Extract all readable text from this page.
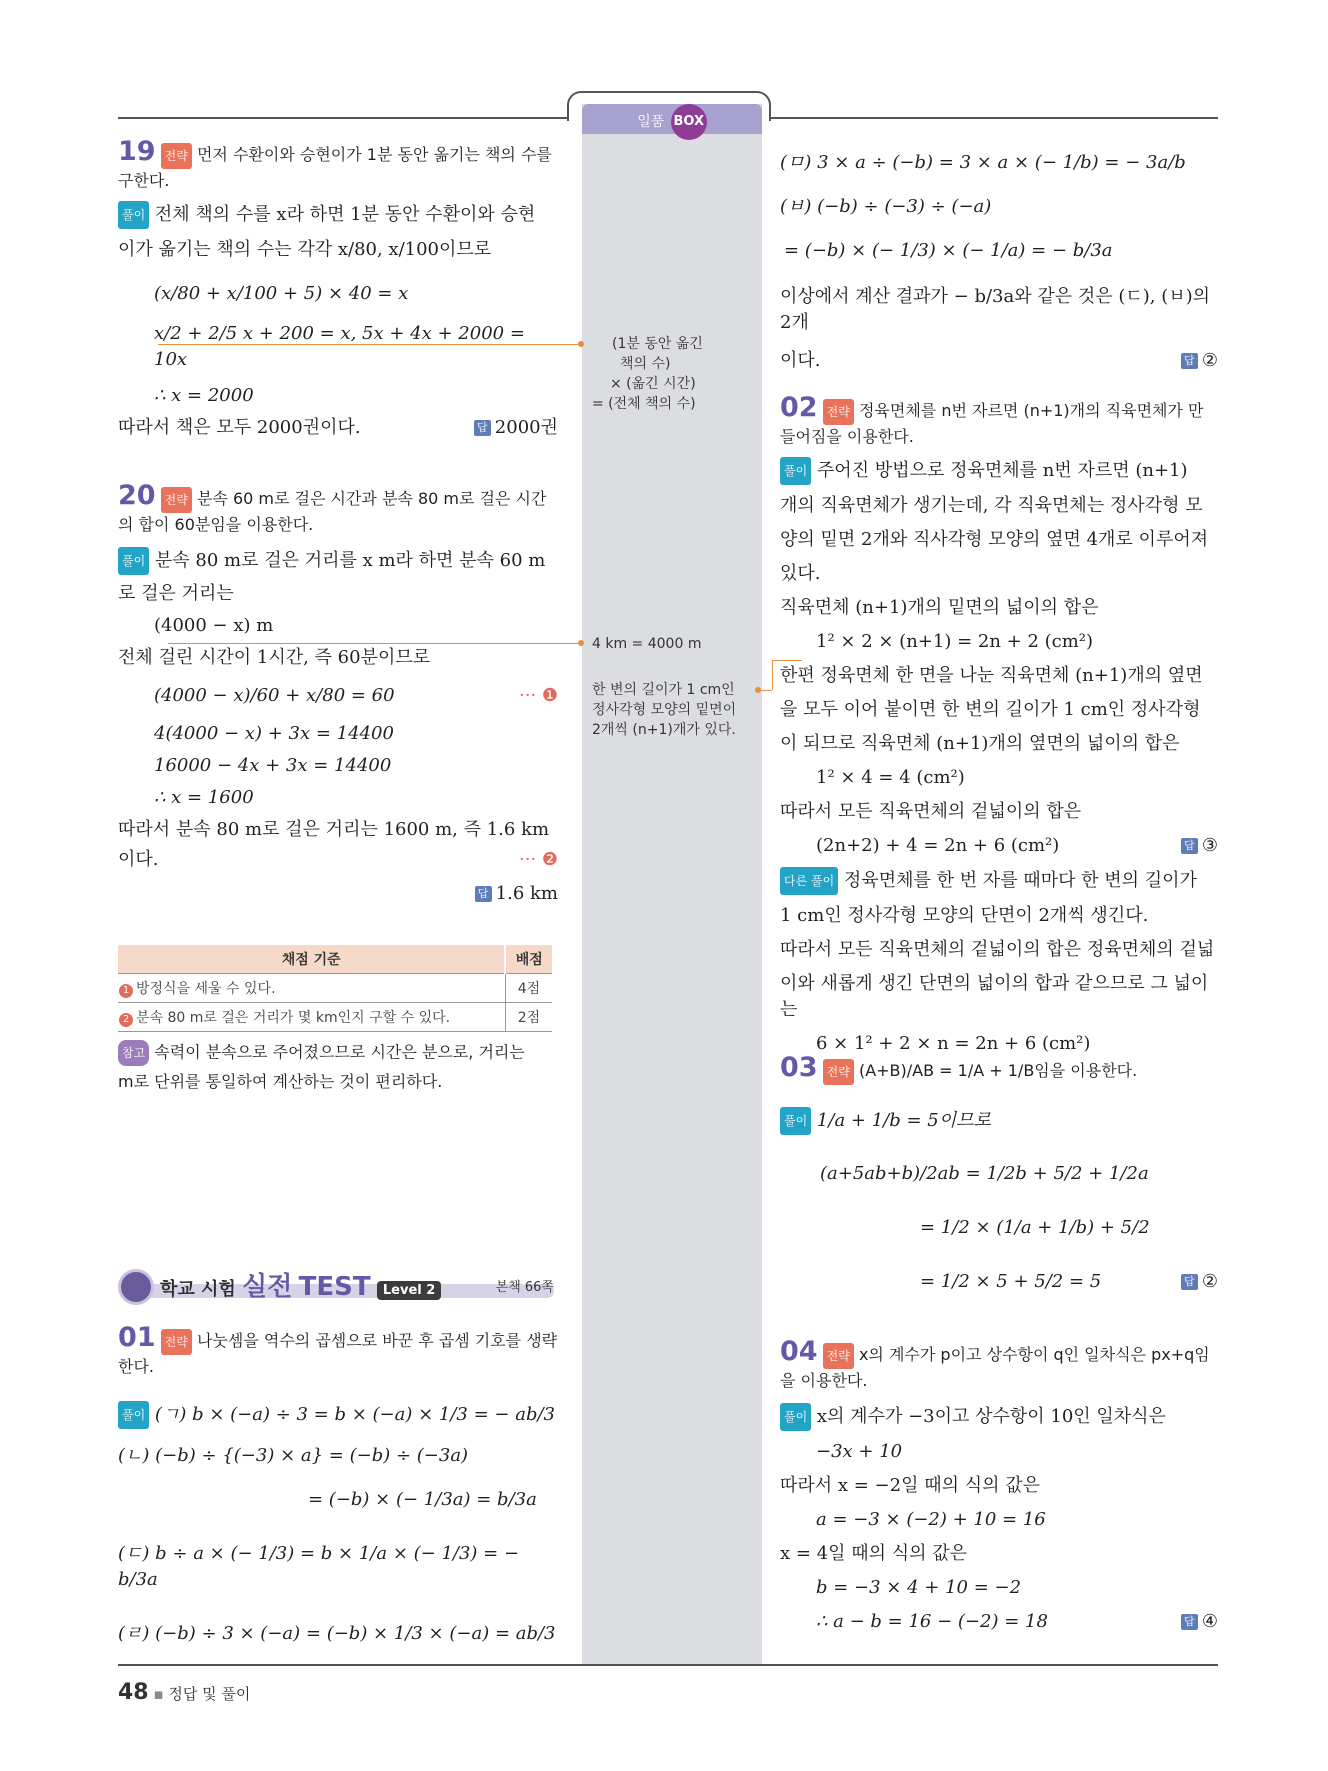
일품 BOX
19 전략 먼저 수환이와 승현이가 1분 동안 옮기는 책의 수를 구한다.
풀이 전체 책의 수를 x라 하면 1분 동안 수환이와 승현
이가 옮기는 책의 수는 각각 x/80, x/100이므로
(x/80 + x/100 + 5) × 40 = x
x/2 + 2/5 x + 200 = x, 5x + 4x + 2000 = 10x
∴ x = 2000
따라서 책은 모두 2000권이다.	답 2000권
20 전략 분속 60 m로 걸은 시간과 분속 80 m로 걸은 시간의 합이 60분임을 이용한다.
풀이 분속 80 m로 걸은 거리를 x m라 하면 분속 60 m
로 걸은 거리는
(4000 − x) m
전체 걸린 시간이 1시간, 즉 60분이므로
(4000 − x)/60 + x/80 = 60	··· ❶
4(4000 − x) + 3x = 14400
16000 − 4x + 3x = 14400
∴ x = 1600
따라서 분속 80 m로 걸은 거리는 1600 m, 즉 1.6 km
이다.	··· ❷
답 1.6 km
채점 기준	배점
1 방정식을 세울 수 있다.	4점
2 분속 80 m로 걸은 거리가 몇 km인지 구할 수 있다.	2점
참고 속력이 분속으로 주어졌으므로 시간은 분으로, 거리는
m로 단위를 통일하여 계산하는 것이 편리하다.
학교 시험 실전 TEST Level 2	본책 66쪽
01 전략 나눗셈을 역수의 곱셈으로 바꾼 후 곱셈 기호를 생략한다.
풀이 (ㄱ) b × (−a) ÷ 3 = b × (−a) × 1/3 = − ab/3
(ㄴ) (−b) ÷ {(−3) × a} = (−b) ÷ (−3a)
= (−b) × (− 1/3a) = b/3a
(ㄷ) b ÷ a × (− 1/3) = b × 1/a × (− 1/3) = − b/3a
(ㄹ) (−b) ÷ 3 × (−a) = (−b) × 1/3 × (−a) = ab/3
(1분 동안 옮긴
책의 수)
× (옮긴 시간)
= (전체 책의 수)
4 km = 4000 m
한 변의 길이가 1 cm인
정사각형 모양의 밑면이
2개씩 (n+1)개가 있다.
(ㅁ) 3 × a ÷ (−b) = 3 × a × (− 1/b) = − 3a/b
(ㅂ) (−b) ÷ (−3) ÷ (−a)
= (−b) × (− 1/3) × (− 1/a) = − b/3a
이상에서 계산 결과가 − b/3a와 같은 것은 (ㄷ), (ㅂ)의 2개
이다.	답 ②
02 전략 정육면체를 n번 자르면 (n+1)개의 직육면체가 만들어짐을 이용한다.
풀이 주어진 방법으로 정육면체를 n번 자르면 (n+1)
개의 직육면체가 생기는데, 각 직육면체는 정사각형 모
양의 밑면 2개와 직사각형 모양의 옆면 4개로 이루어져
있다.
직육면체 (n+1)개의 밑면의 넓이의 합은
1² × 2 × (n+1) = 2n + 2 (cm²)
한편 정육면체 한 면을 나눈 직육면체 (n+1)개의 옆면
을 모두 이어 붙이면 한 변의 길이가 1 cm인 정사각형
이 되므로 직육면체 (n+1)개의 옆면의 넓이의 합은
1² × 4 = 4 (cm²)
따라서 모든 직육면체의 겉넓이의 합은
(2n+2) + 4 = 2n + 6 (cm²)	답 ③
다른 풀이 정육면체를 한 번 자를 때마다 한 변의 길이가
1 cm인 정사각형 모양의 단면이 2개씩 생긴다.
따라서 모든 직육면체의 겉넓이의 합은 정육면체의 겉넓
이와 새롭게 생긴 단면의 넓이의 합과 같으므로 그 넓이는
6 × 1² + 2 × n = 2n + 6 (cm²)
03 전략 (A+B)/AB = 1/A + 1/B임을 이용한다.
풀이 1/a + 1/b = 5이므로
(a+5ab+b)/2ab = 1/2b + 5/2 + 1/2a
= 1/2 × (1/a + 1/b) + 5/2
= 1/2 × 5 + 5/2 = 5	답 ②
04 전략 x의 계수가 p이고 상수항이 q인 일차식은 px+q임을 이용한다.
풀이 x의 계수가 −3이고 상수항이 10인 일차식은
−3x + 10
따라서 x = −2일 때의 식의 값은
a = −3 × (−2) + 10 = 16
x = 4일 때의 식의 값은
b = −3 × 4 + 10 = −2
∴ a − b = 16 − (−2) = 18	답 ④
48 ▪ 정답 및 풀이
